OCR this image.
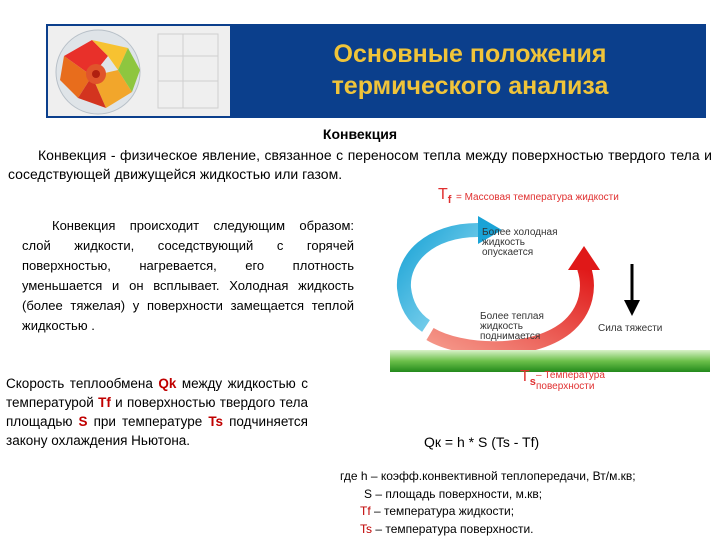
Основные положения
термического анализа
Конвекция
Конвекция - физическое явление, связанное с переносом тепла между поверхностью твердого тела и соседствующей движущейся жидкостью или газом.
Конвекция происходит следующим образом: слой жидкости, соседствующий с горячей поверхностью, нагревается, его плотность уменьшается и он всплывает. Холодная жидкость (более тяжелая) у поверхности замещается теплой жидкостью .
Скорость теплообмена Qk между жидкостью с температурой Tf и поверхностью твердого тела площадью S при температуре Ts подчиняется закону охлаждения Ньютона.
$T_f$ = Массовая температура жидкости
Более холодная жидкость опускается
Более теплая жидкость поднимается
Сила тяжести
$T_s$
– Температура поверхности
Qк = h * S (Ts - Tf)
где h – коэфф.конвективной теплопередачи, Вт/м.кв;
S – площадь поверхности, м.кв;
Tf – температура жидкости;
Ts – температура поверхности.
